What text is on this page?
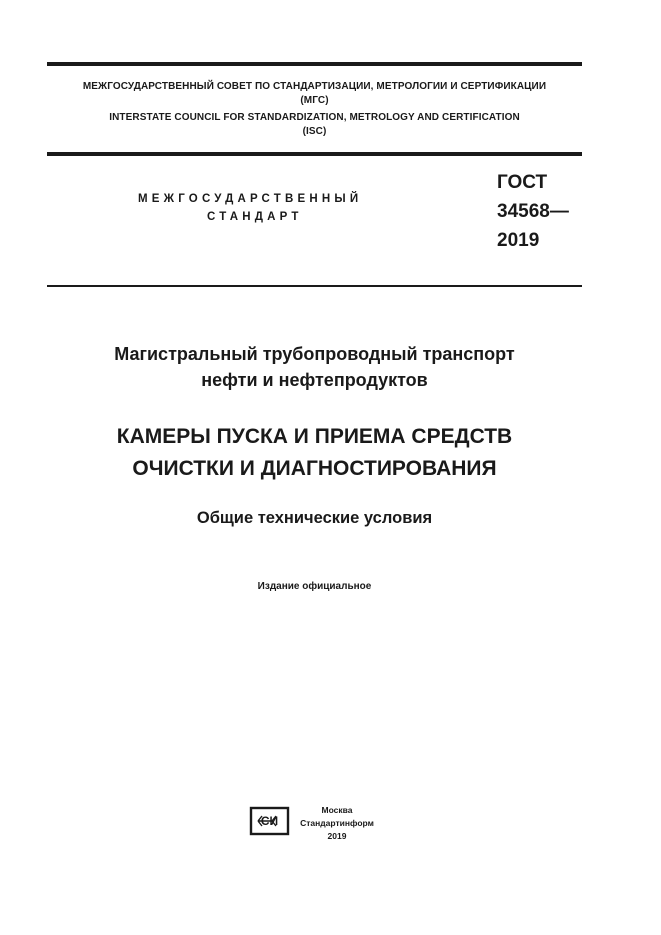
МЕЖГОСУДАРСТВЕННЫЙ СОВЕТ ПО СТАНДАРТИЗАЦИИ, МЕТРОЛОГИИ И СЕРТИФИКАЦИИ
(МГС)
INTERSTATE COUNCIL FOR STANDARDIZATION, METROLOGY AND CERTIFICATION
(ISC)
МЕЖГОСУДАРСТВЕННЫЙ
СТАНДАРТ
ГОСТ
34568—
2019
Магистральный трубопроводный транспорт
нефти и нефтепродуктов
КАМЕРЫ ПУСКА И ПРИЕМА СРЕДСТВ
ОЧИСТКИ И ДИАГНОСТИРОВАНИЯ
Общие технические условия
Издание официальное
СИ
Москва
Стандартинформ
2019
